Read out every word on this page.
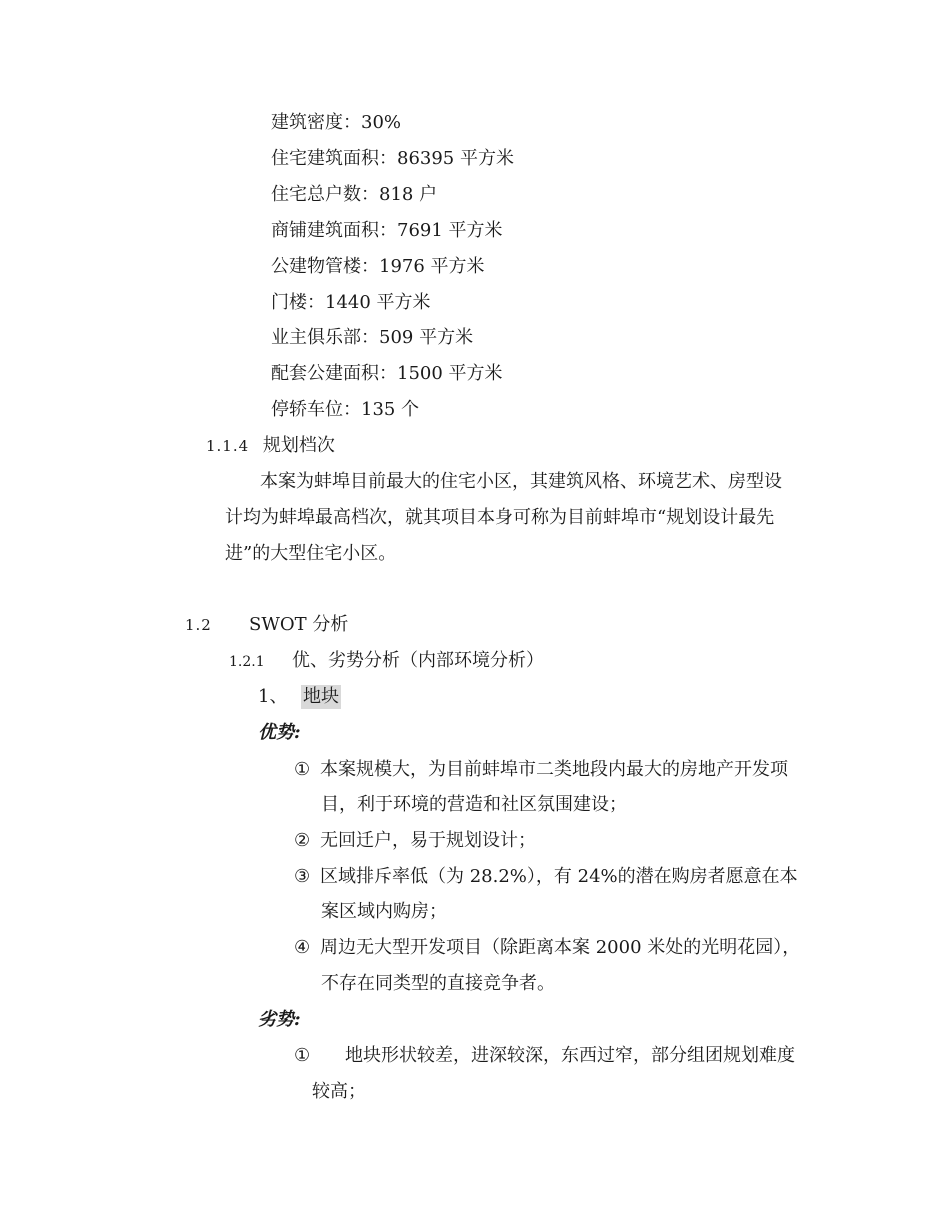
建筑密度：30%
住宅建筑面积：86395 平方米
住宅总户数：818 户
商铺建筑面积：7691 平方米
公建物管楼：1976 平方米
门楼：1440 平方米
业主俱乐部：509 平方米
配套公建面积：1500 平方米
停轿车位：135 个
1.1.4 规划档次
本案为蚌埠目前最大的住宅小区，其建筑风格、环境艺术、房型设
计均为蚌埠最高档次，就其项目本身可称为目前蚌埠市“规划设计最先
进”的大型住宅小区。
1.2 SWOT 分析
1.2.1 优、劣势分析（内部环境分析）
1、 地块
优势:
① 本案规模大，为目前蚌埠市二类地段内最大的房地产开发项
目，利于环境的营造和社区氛围建设；
② 无回迁户，易于规划设计；
③ 区域排斥率低（为 28.2%），有 24%的潜在购房者愿意在本
案区域内购房；
④ 周边无大型开发项目（除距离本案 2000 米处的光明花园），
不存在同类型的直接竞争者。
劣势:
① 地块形状较差，进深较深，东西过窄，部分组团规划难度
较高；
